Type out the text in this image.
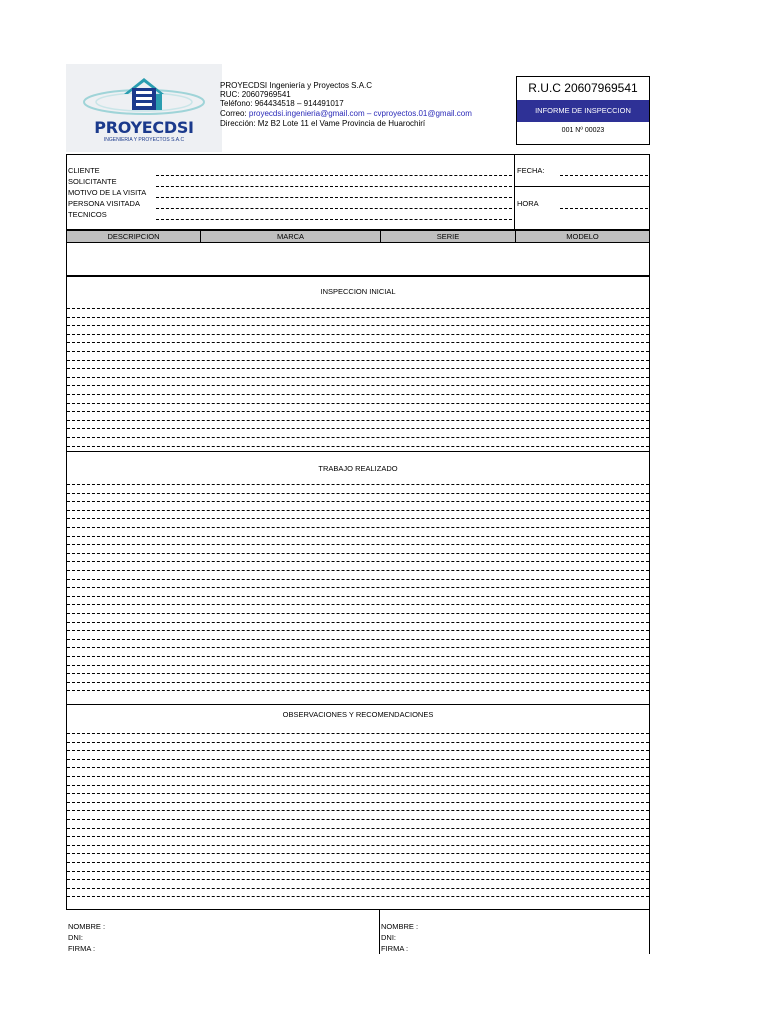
PROYECDSI
INGENIERIA Y PROYECTOS S.A.C
PROYECDSI Ingeniería y Proyectos S.A.C
RUC: 20607969541
Teléfono: 964434518 – 914491017
Correo: proyecdsi.ingenieria@gmail.com – cvproyectos.01@gmail.com
Dirección: Mz B2 Lote 11 el Vame Provincia de Huarochirí
R.U.C 20607969541
INFORME DE INSPECCION
001 Nº 00023
CLIENTE
SOLICITANTE
MOTIVO DE LA VISITA
PERSONA VISITADA
TECNICOS
FECHA:
HORA
DESCRIPCION	MARCA	SERIE	MODELO
INSPECCION INICIAL
TRABAJO REALIZADO
OBSERVACIONES Y RECOMENDACIONES
NOMBRE :
DNI:
FIRMA :
NOMBRE :
DNI:
FIRMA :
